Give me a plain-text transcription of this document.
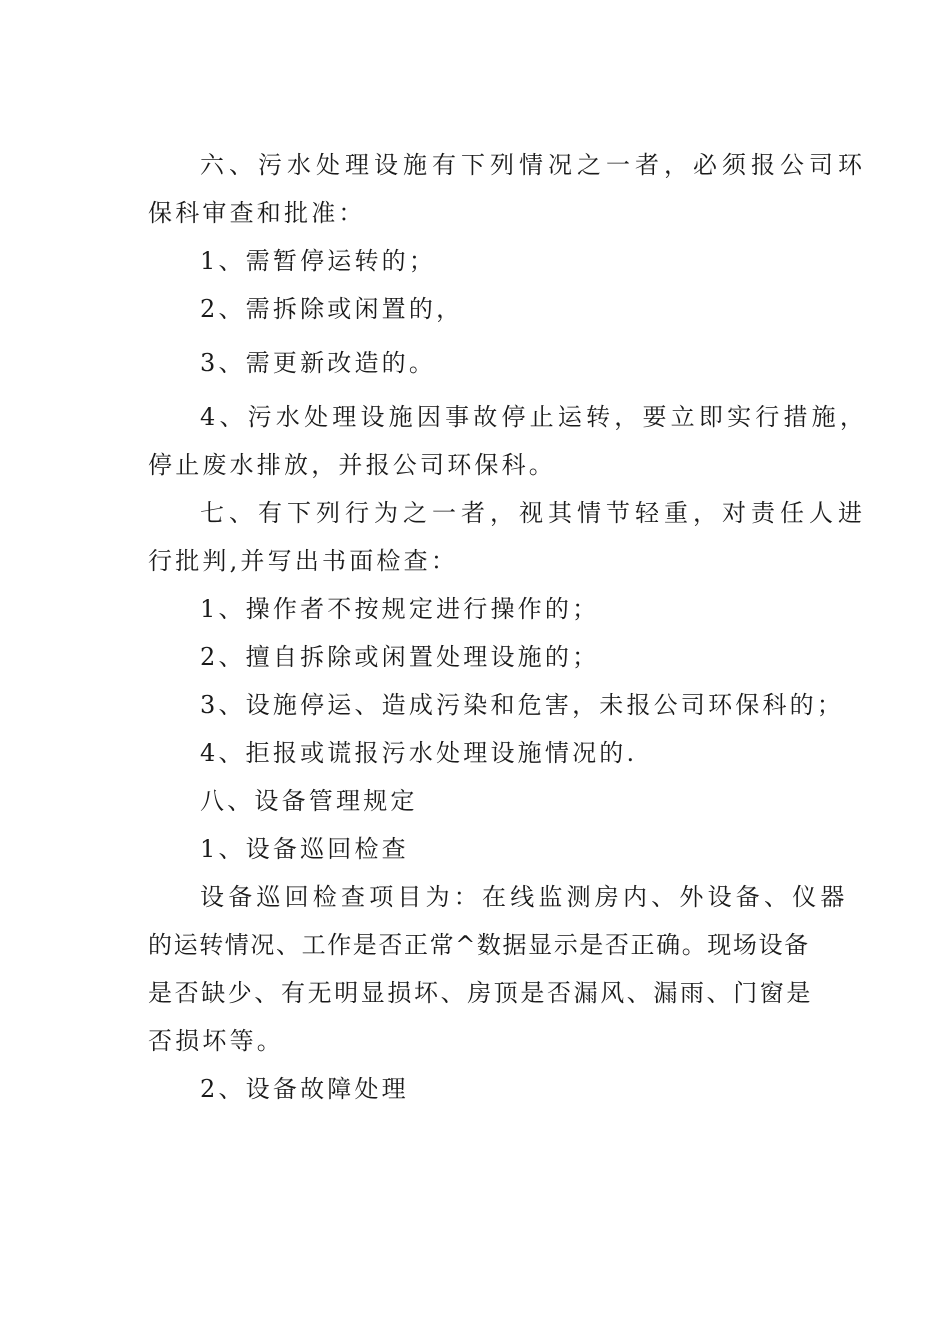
六、污水处理设施有下列情况之一者，必须报公司环
保科审查和批准：
1、需暂停运转的；
2、需拆除或闲置的，
3、需更新改造的。
4、污水处理设施因事故停止运转，要立即实行措施，
停止废水排放，并报公司环保科。
七、有下列行为之一者，视其情节轻重，对责任人进
行批判,并写出书面检查：
1、操作者不按规定进行操作的；
2、擅自拆除或闲置处理设施的；
3、设施停运、造成污染和危害，未报公司环保科的；
4、拒报或谎报污水处理设施情况的.
八、设备管理规定
1、设备巡回检查
设备巡回检查项目为：在线监测房内、外设备、仪器
的运转情况、工作是否正常^数据显示是否正确。现场设备
是否缺少、有无明显损坏、房顶是否漏风、漏雨、门窗是
否损坏等。
2、设备故障处理
